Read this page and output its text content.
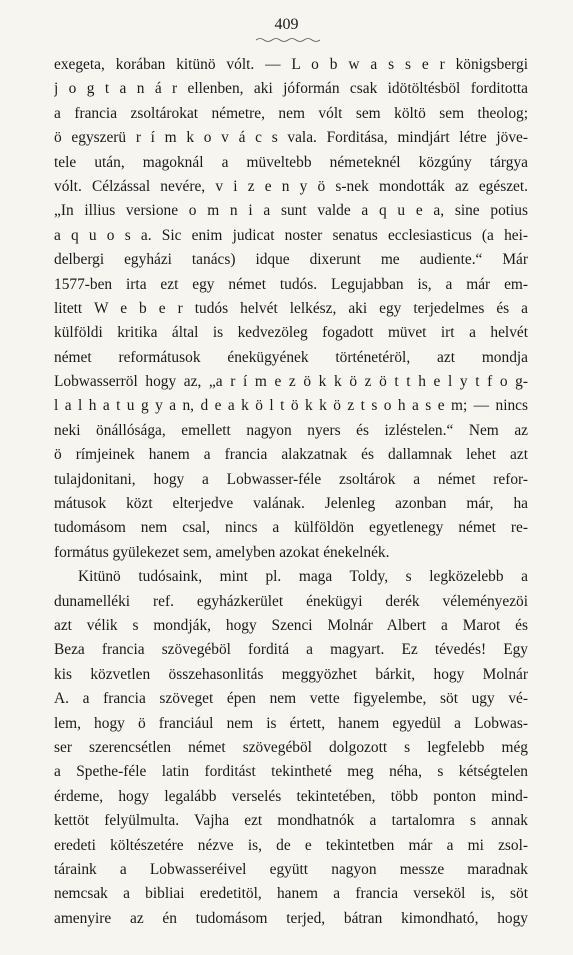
409
exegeta, korában kitünö vólt. — L o b w a s s e r königsbergi
j o g t a n á r ellenben, aki jóformán csak idötöltésböl forditotta
a francia zsoltárokat németre, nem vólt sem költö sem theolog;
ö egyszerü r í m k o v á c s vala. Forditása, mindjárt létre jöve-
tele után, magoknál a müveltebb németeknél közgúny tárgya
vólt. Célzással nevére, v i z e n y ö s-nek mondották az egészet.
„In illius versione o m n i a sunt valde a q u e a, sine potius
a q u o s a. Sic enim judicat noster senatus ecclesiasticus (a hei-
delbergi egyházi tanács) idque dixerunt me audiente.“ Már
1577-ben irta ezt egy német tudós. Legujabban is, a már em-
litett W e b e r tudós helvét lelkész, aki egy terjedelmes és a
külföldi kritika által is kedvezöleg fogadott müvet irt a helvét
német reformátusok énekügyének történetéröl, azt mondja
Lobwasserröl hogy az, „a r í m e z ö k k ö z ö t t h e l y t f o g-
l a l h a t u g y a n, d e a k ö l t ö k k ö z t s o h a s e m; — nincs
neki önállósága, emellett nagyon nyers és izléstelen.“ Nem az
ö rímjeinek hanem a francia alakzatnak és dallamnak lehet azt
tulajdonitani, hogy a Lobwasser-féle zsoltárok a német refor-
mátusok közt elterjedve valának. Jelenleg azonban már, ha
tudomásom nem csal, nincs a külföldön egyetlenegy német re-
formátus gyülekezet sem, amelyben azokat énekelnék.
Kitünö tudósaink, mint pl. maga Toldy, s legközelebb a
dunamelléki ref. egyházkerület énekügyi derék véleményezöi
azt vélik s mondják, hogy Szenci Molnár Albert a Marot és
Beza francia szövegéböl forditá a magyart. Ez tévedés! Egy
kis közvetlen összehasonlitás meggyözhet bárkit, hogy Molnár
A. a francia szöveget épen nem vette figyelembe, söt ugy vé-
lem, hogy ö franciául nem is értett, hanem egyedül a Lobwas-
ser szerencsétlen német szövegéböl dolgozott s legfelebb még
a Spethe-féle latin forditást tekintheté meg néha, s kétségtelen
érdeme, hogy legalább verselés tekintetében, több ponton mind-
kettöt felyülmulta. Vajha ezt mondhatnók a tartalomra s annak
eredeti költészetére nézve is, de e tekintetben már a mi zsol-
táraink a Lobwasseréivel együtt nagyon messze maradnak
nemcsak a bibliai eredetitöl, hanem a francia verseköl is, söt
amenyire az én tudomásom terjed, bátran kimondható, hogy
